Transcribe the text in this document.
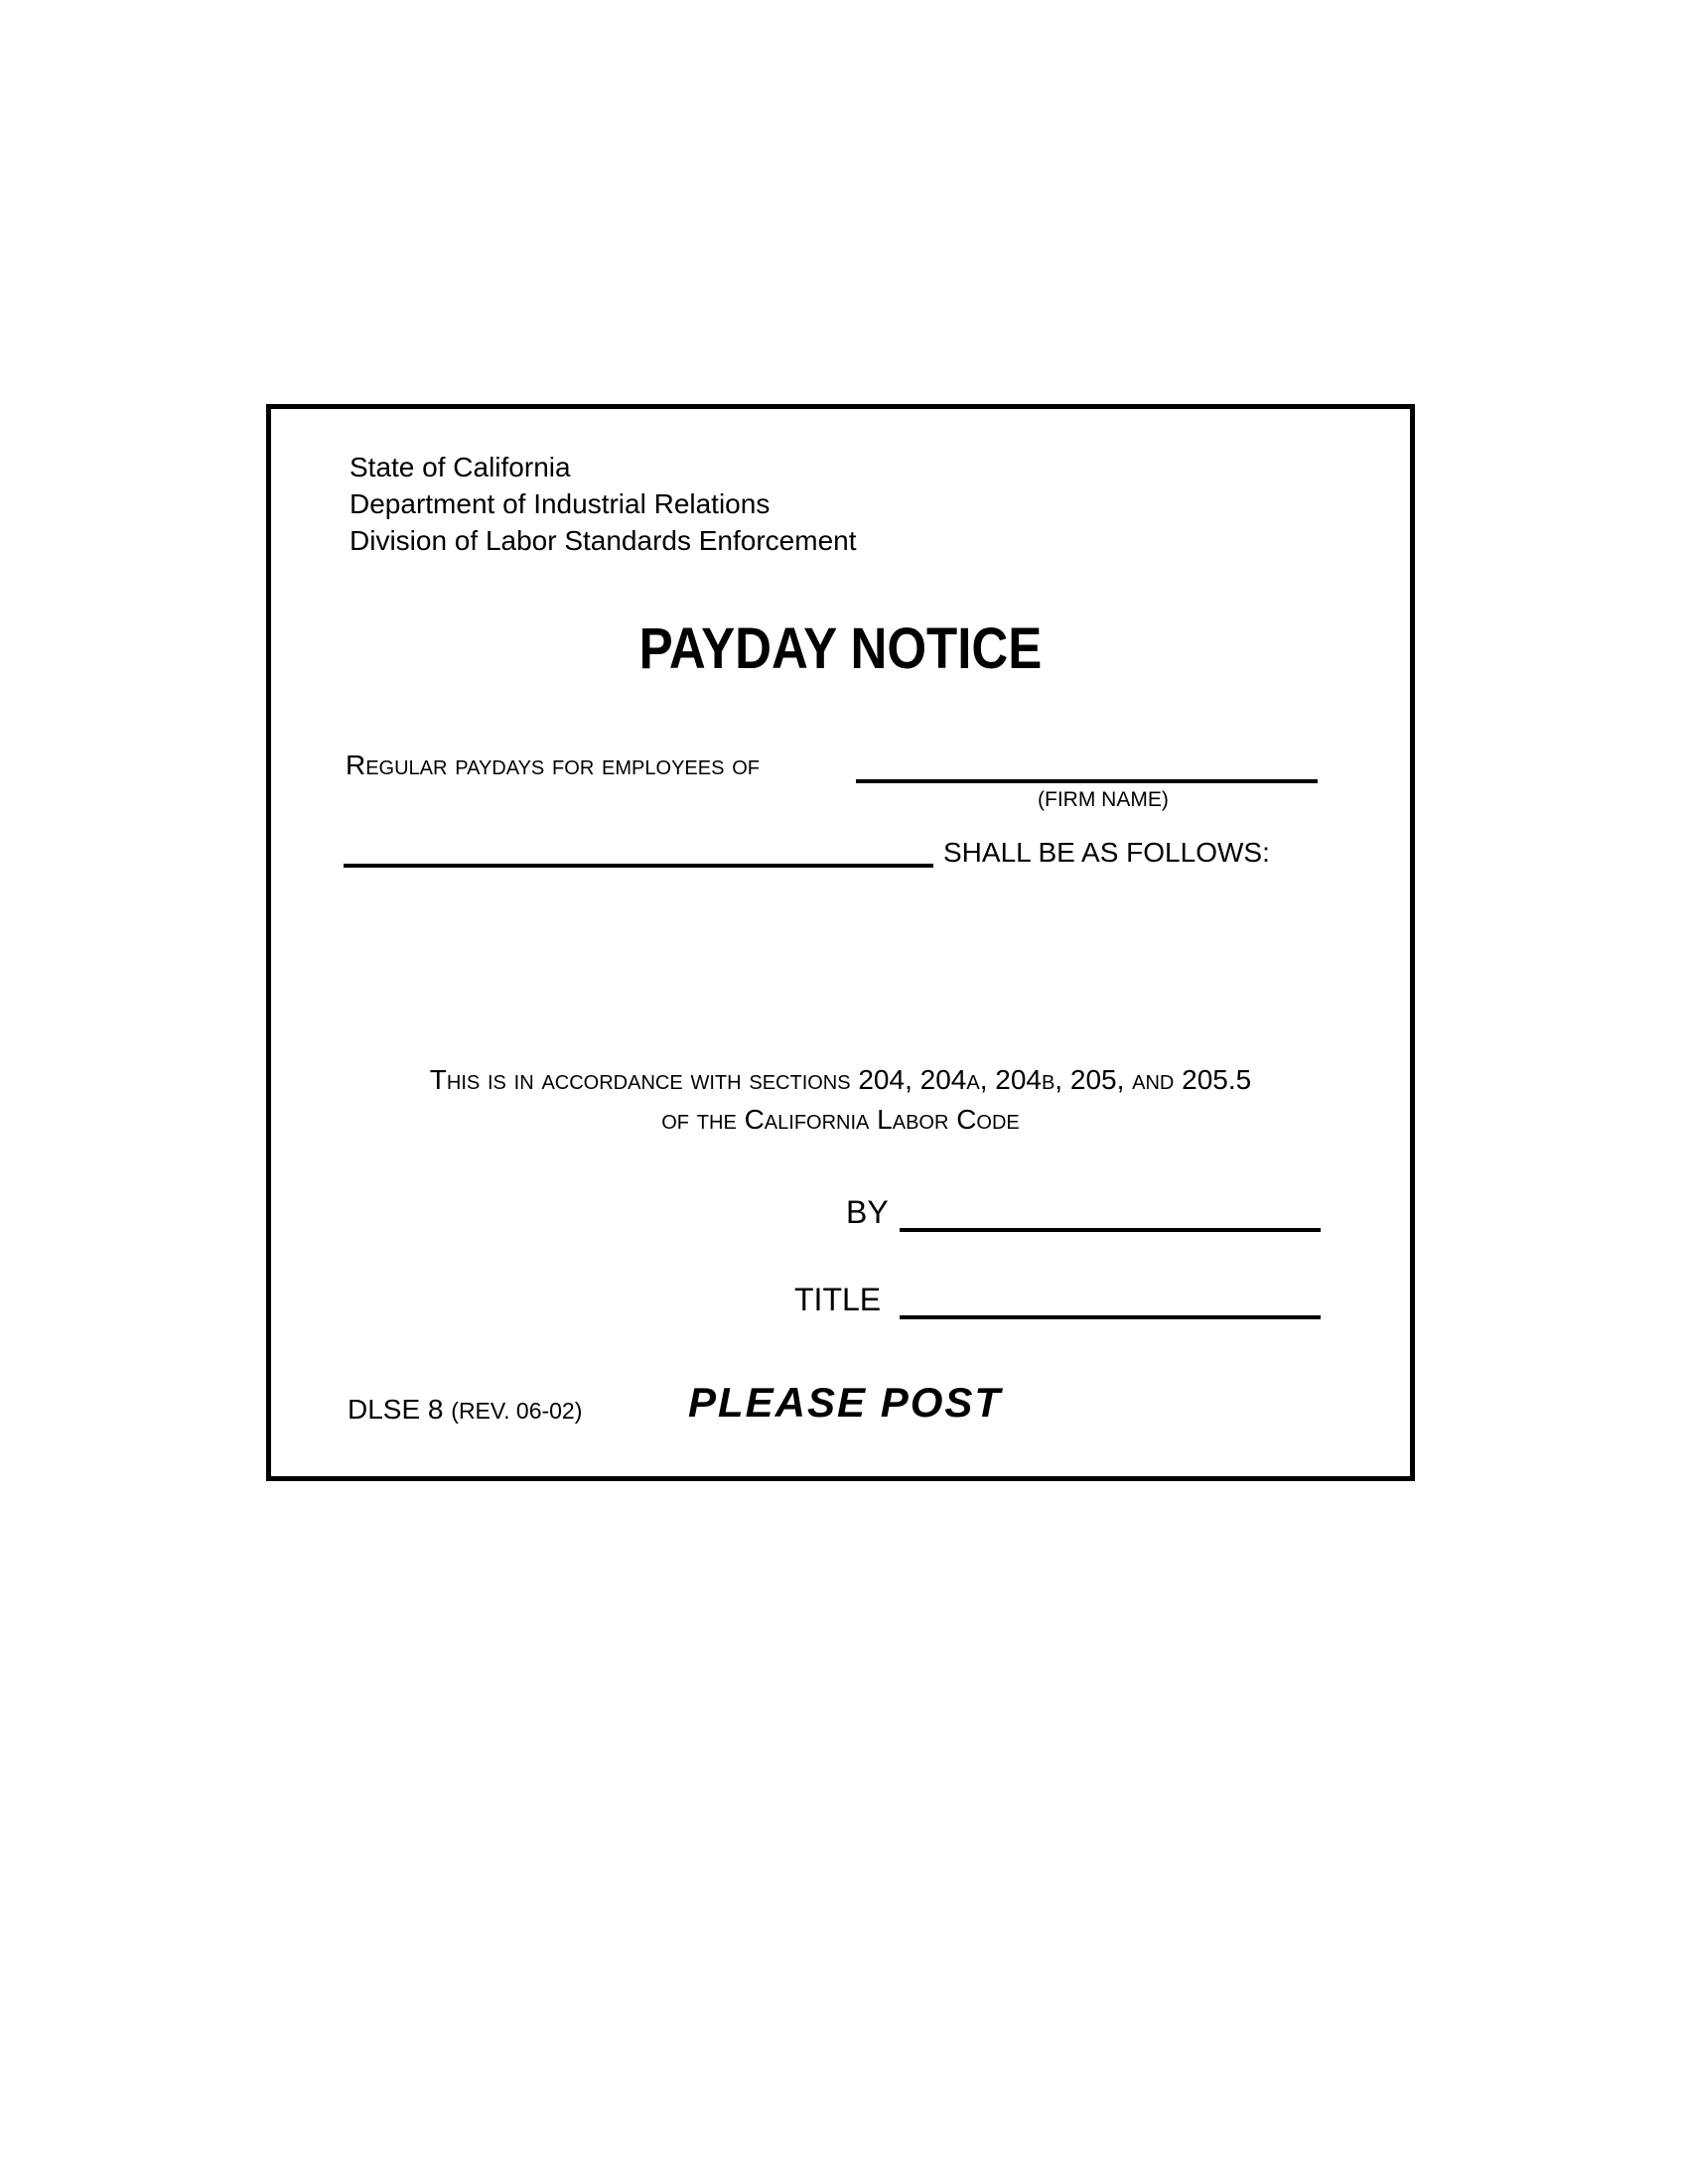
State of California
Department of Industrial Relations
Division of Labor Standards Enforcement
PAYDAY NOTICE
Regular paydays for employees of
(FIRM NAME)
SHALL BE AS FOLLOWS:
This is in accordance with sections 204, 204a, 204b, 205, and 205.5
of the California Labor Code
BY
TITLE
DLSE 8 (REV. 06-02)	PLEASE POST
